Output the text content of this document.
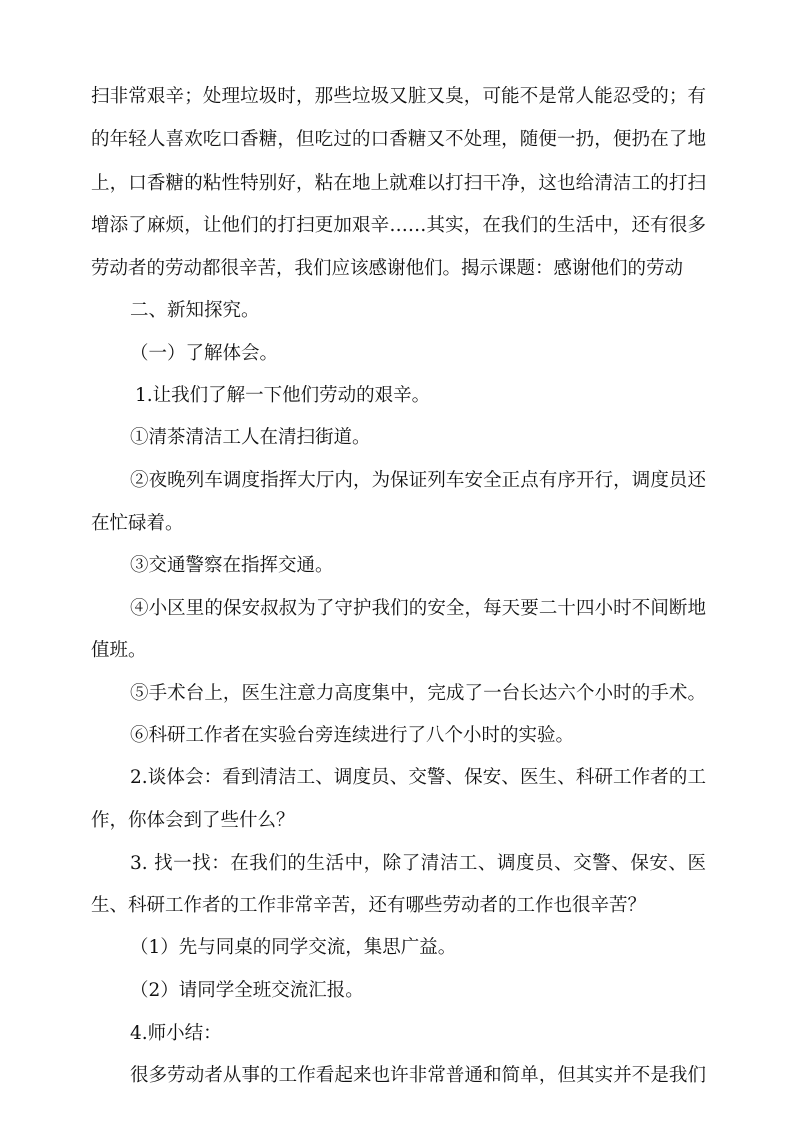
扫非常艰辛；处理垃圾时，那些垃圾又脏又臭，可能不是常人能忍受的；有
的年轻人喜欢吃口香糖，但吃过的口香糖又不处理，随便一扔，便扔在了地
上，口香糖的粘性特别好，粘在地上就难以打扫干净，这也给清洁工的打扫
增添了麻烦，让他们的打扫更加艰辛……其实，在我们的生活中，还有很多
劳动者的劳动都很辛苦，我们应该感谢他们。揭示课题：感谢他们的劳动
二、新知探究。
（一）了解体会。
1.让我们了解一下他们劳动的艰辛。
①清茶清洁工人在清扫街道。
②夜晚列车调度指挥大厅内，为保证列车安全正点有序开行，调度员还
在忙碌着。
③交通警察在指挥交通。
④小区里的保安叔叔为了守护我们的安全，每天要二十四小时不间断地
值班。
⑤手术台上，医生注意力高度集中，完成了一台长达六个小时的手术。
⑥科研工作者在实验台旁连续进行了八个小时的实验。
2.谈体会：看到清洁工、调度员、交警、保安、医生、科研工作者的工
作，你体会到了些什么？
3. 找一找：在我们的生活中，除了清洁工、调度员、交警、保安、医
生、科研工作者的工作非常辛苦，还有哪些劳动者的工作也很辛苦？
（1）先与同桌的同学交流，集思广益。
（2）请同学全班交流汇报。
4.师小结：
很多劳动者从事的工作看起来也许非常普通和简单，但其实并不是我们
